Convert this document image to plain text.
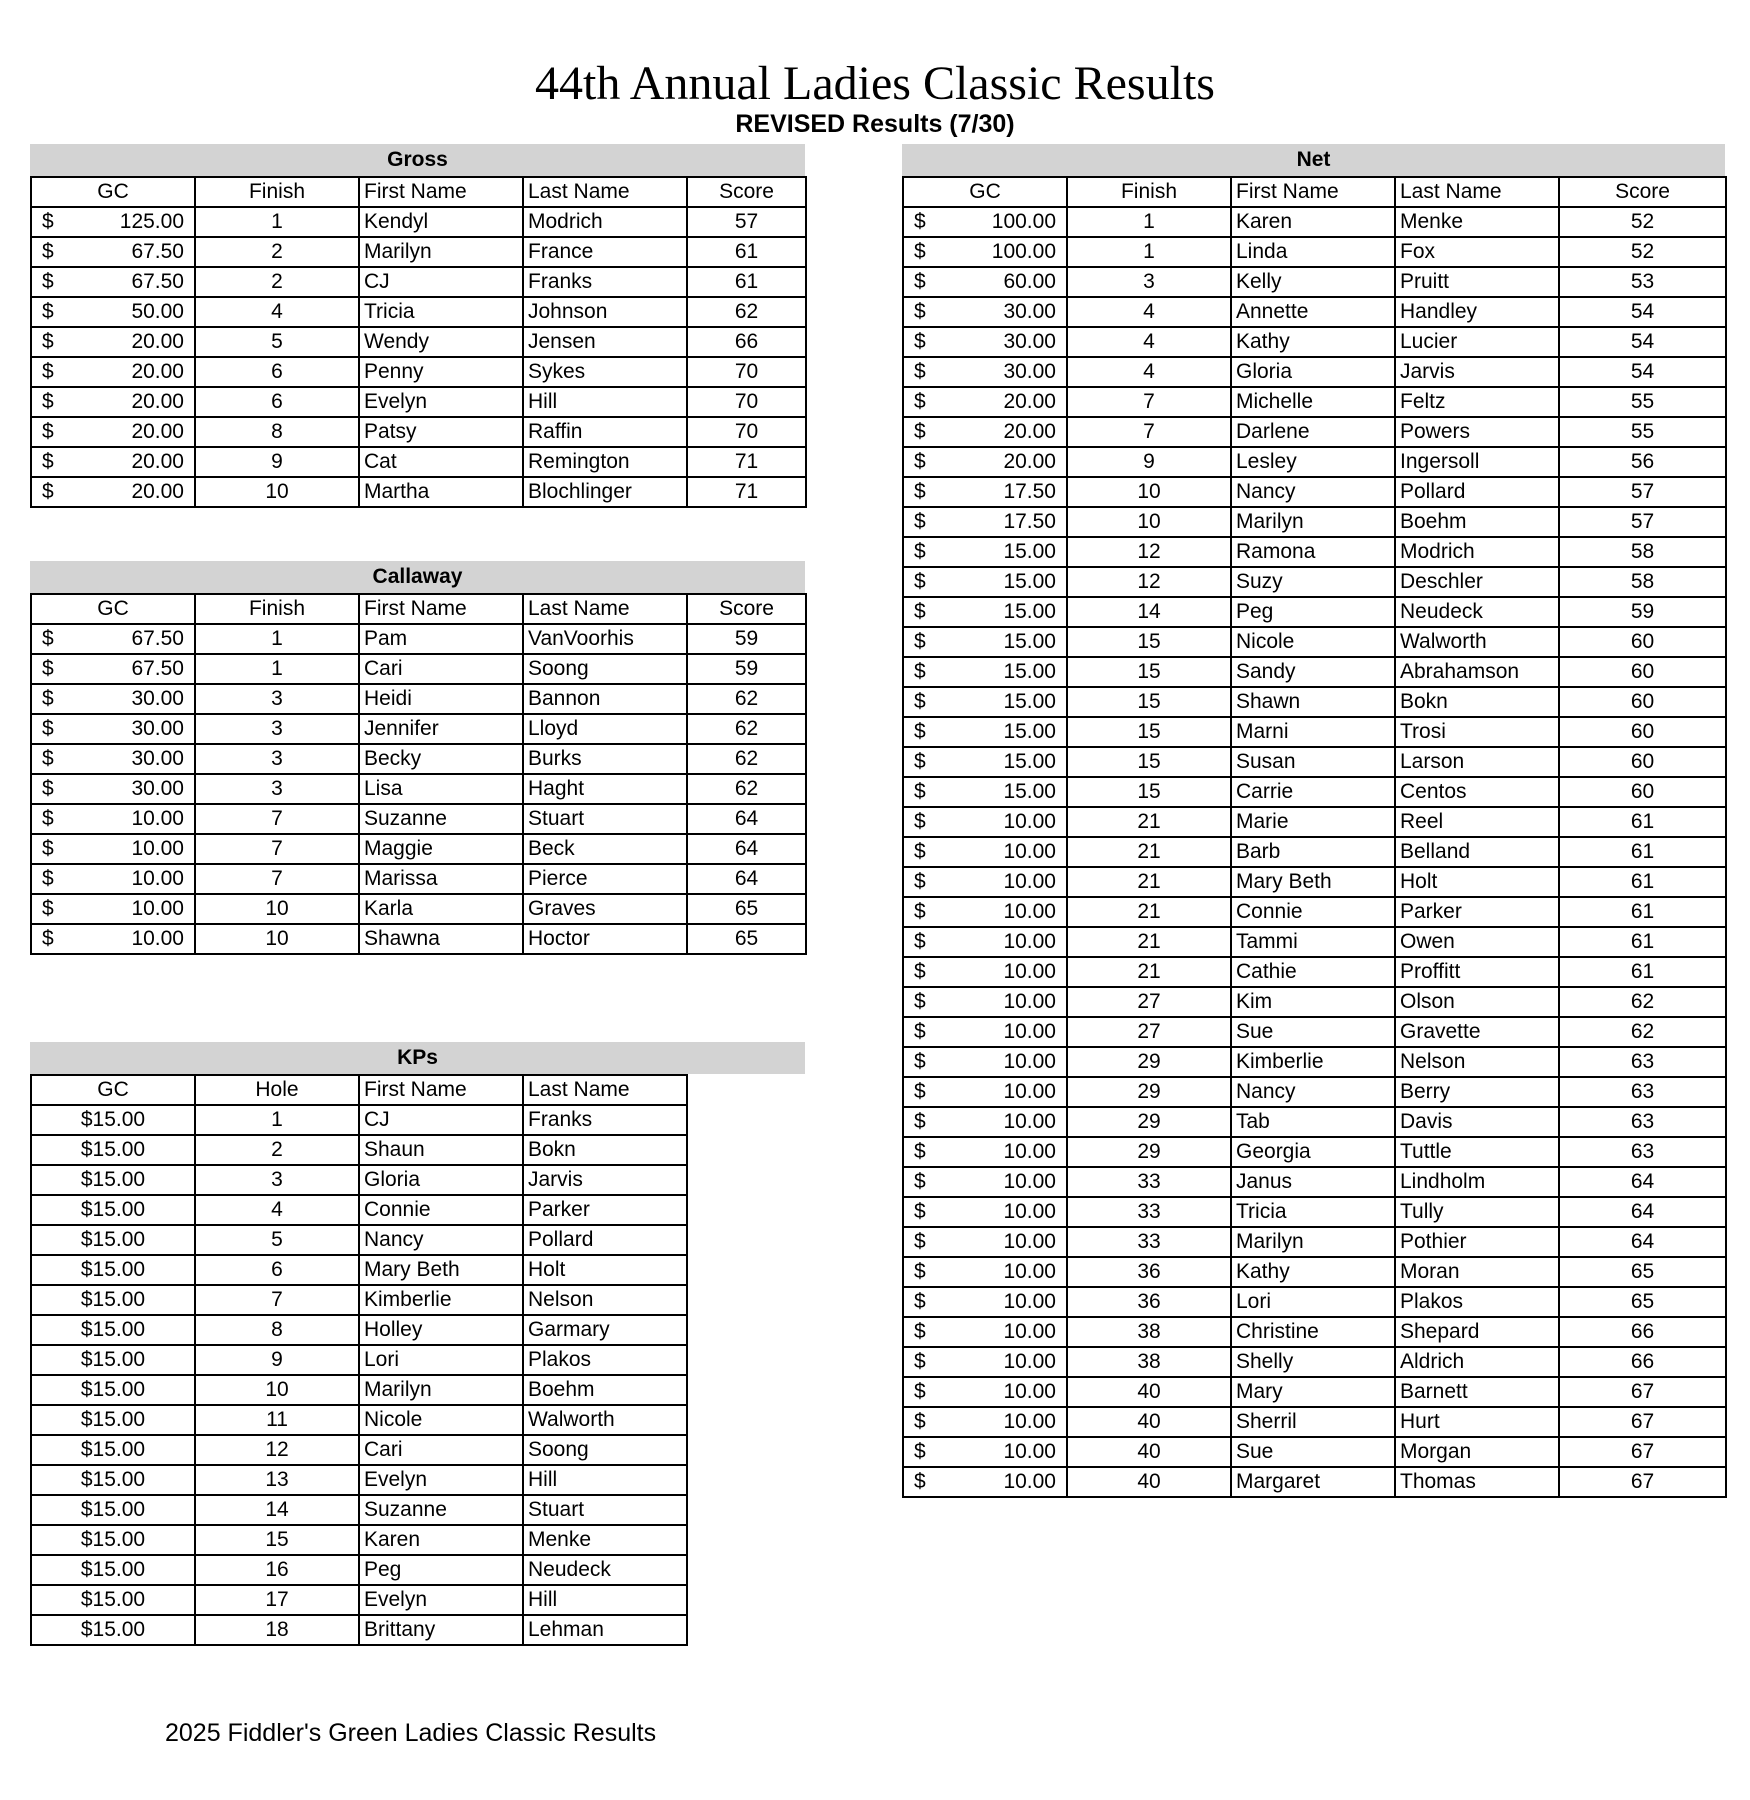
44th Annual Ladies Classic Results
REVISED Results (7/30)
Gross
GC	Finish	First Name	Last Name	Score

$ 125.00	1	Kendyl	Modrich	57

$ 67.50	2	Marilyn	France	61

$ 67.50	2	CJ	Franks	61

$ 50.00	4	Tricia	Johnson	62

$ 20.00	5	Wendy	Jensen	66

$ 20.00	6	Penny	Sykes	70

$ 20.00	6	Evelyn	Hill	70

$ 20.00	8	Patsy	Raffin	70

$ 20.00	9	Cat	Remington	71

$ 20.00	10	Martha	Blochlinger	71
Callaway
GC	Finish	First Name	Last Name	Score

$ 67.50	1	Pam	VanVoorhis	59

$ 67.50	1	Cari	Soong	59

$ 30.00	3	Heidi	Bannon	62

$ 30.00	3	Jennifer	Lloyd	62

$ 30.00	3	Becky	Burks	62

$ 30.00	3	Lisa	Haght	62

$ 10.00	7	Suzanne	Stuart	64

$ 10.00	7	Maggie	Beck	64

$ 10.00	7	Marissa	Pierce	64

$ 10.00	10	Karla	Graves	65

$ 10.00	10	Shawna	Hoctor	65
KPs
GC	Hole	First Name	Last Name
$15.00	1	CJ	Franks
$15.00	2	Shaun	Bokn
$15.00	3	Gloria	Jarvis
$15.00	4	Connie	Parker
$15.00	5	Nancy	Pollard
$15.00	6	Mary Beth	Holt
$15.00	7	Kimberlie	Nelson
$15.00	8	Holley	Garmary
$15.00	9	Lori	Plakos
$15.00	10	Marilyn	Boehm
$15.00	11	Nicole	Walworth
$15.00	12	Cari	Soong
$15.00	13	Evelyn	Hill
$15.00	14	Suzanne	Stuart
$15.00	15	Karen	Menke
$15.00	16	Peg	Neudeck
$15.00	17	Evelyn	Hill
$15.00	18	Brittany	Lehman
Net
GC	Finish	First Name	Last Name	Score

$ 100.00	1	Karen	Menke	52

$ 100.00	1	Linda	Fox	52

$ 60.00	3	Kelly	Pruitt	53

$ 30.00	4	Annette	Handley	54

$ 30.00	4	Kathy	Lucier	54

$ 30.00	4	Gloria	Jarvis	54

$ 20.00	7	Michelle	Feltz	55

$ 20.00	7	Darlene	Powers	55

$ 20.00	9	Lesley	Ingersoll	56

$ 17.50	10	Nancy	Pollard	57

$ 17.50	10	Marilyn	Boehm	57

$ 15.00	12	Ramona	Modrich	58

$ 15.00	12	Suzy	Deschler	58

$ 15.00	14	Peg	Neudeck	59

$ 15.00	15	Nicole	Walworth	60

$ 15.00	15	Sandy	Abrahamson	60

$ 15.00	15	Shawn	Bokn	60

$ 15.00	15	Marni	Trosi	60

$ 15.00	15	Susan	Larson	60

$ 15.00	15	Carrie	Centos	60

$ 10.00	21	Marie	Reel	61

$ 10.00	21	Barb	Belland	61

$ 10.00	21	Mary Beth	Holt	61

$ 10.00	21	Connie	Parker	61

$ 10.00	21	Tammi	Owen	61

$ 10.00	21	Cathie	Proffitt	61

$ 10.00	27	Kim	Olson	62

$ 10.00	27	Sue	Gravette	62

$ 10.00	29	Kimberlie	Nelson	63

$ 10.00	29	Nancy	Berry	63

$ 10.00	29	Tab	Davis	63

$ 10.00	29	Georgia	Tuttle	63

$ 10.00	33	Janus	Lindholm	64

$ 10.00	33	Tricia	Tully	64

$ 10.00	33	Marilyn	Pothier	64

$ 10.00	36	Kathy	Moran	65

$ 10.00	36	Lori	Plakos	65

$ 10.00	38	Christine	Shepard	66

$ 10.00	38	Shelly	Aldrich	66

$ 10.00	40	Mary	Barnett	67

$ 10.00	40	Sherril	Hurt	67

$ 10.00	40	Sue	Morgan	67

$ 10.00	40	Margaret	Thomas	67
2025 Fiddler's Green Ladies Classic Results
